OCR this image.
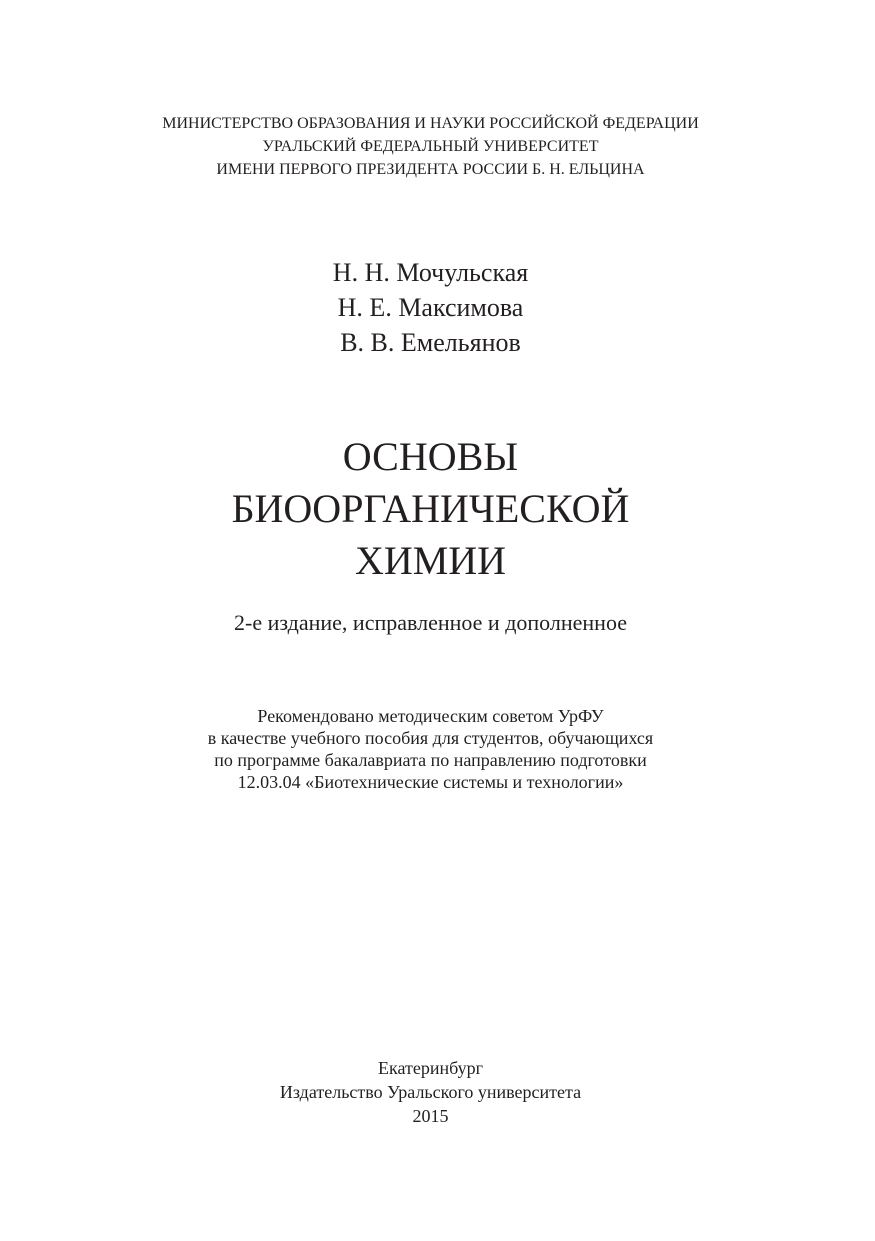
МИНИСТЕРСТВО ОБРАЗОВАНИЯ И НАУКИ РОССИЙСКОЙ ФЕДЕРАЦИИ
УРАЛЬСКИЙ ФЕДЕРАЛЬНЫЙ УНИВЕРСИТЕТ
ИМЕНИ ПЕРВОГО ПРЕЗИДЕНТА РОССИИ Б. Н. ЕЛЬЦИНА
Н. Н. Мочульская
Н. Е. Максимова
В. В. Емельянов
ОСНОВЫ
БИООРГАНИЧЕСКОЙ
ХИМИИ
2-е издание, исправленное и дополненное
Рекомендовано методическим советом УрФУ
в качестве учебного пособия для студентов, обучающихся
по программе бакалавриата по направлению подготовки
12.03.04 «Биотехнические системы и технологии»
Екатеринбург
Издательство Уральского университета
2015
